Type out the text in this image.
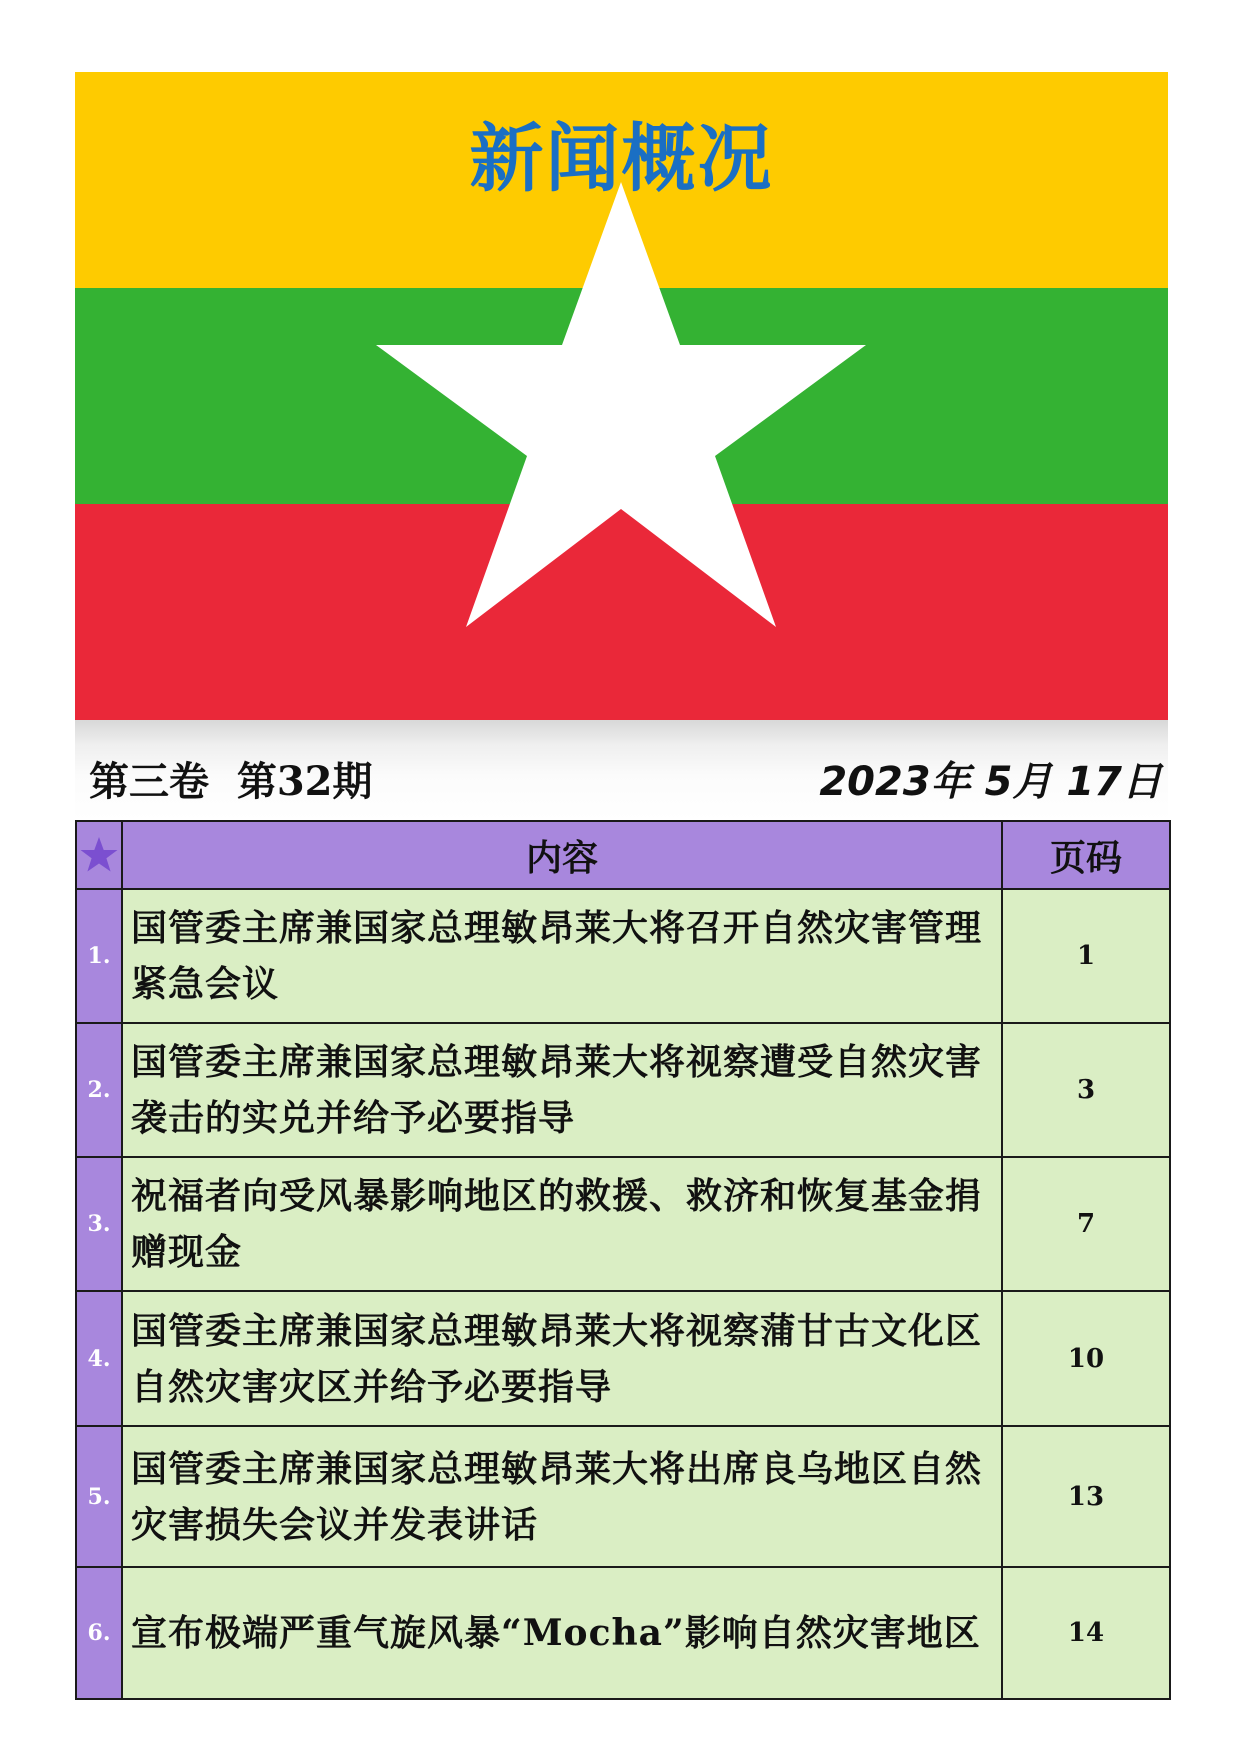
新闻概况
第三卷  第32期	2023年 5月 17日
	内容	页码
1.	国管委主席兼国家总理敏昂莱大将召开自然灾害管理紧急会议	1
2.	国管委主席兼国家总理敏昂莱大将视察遭受自然灾害袭击的实兑并给予必要指导	3
3.	祝福者向受风暴影响地区的救援、救济和恢复基金捐赠现金	7
4.	国管委主席兼国家总理敏昂莱大将视察蒲甘古文化区自然灾害灾区并给予必要指导	10
5.	国管委主席兼国家总理敏昂莱大将出席良乌地区自然灾害损失会议并发表讲话	13
6.	宣布极端严重气旋风暴“Mocha”影响自然灾害地区	14
